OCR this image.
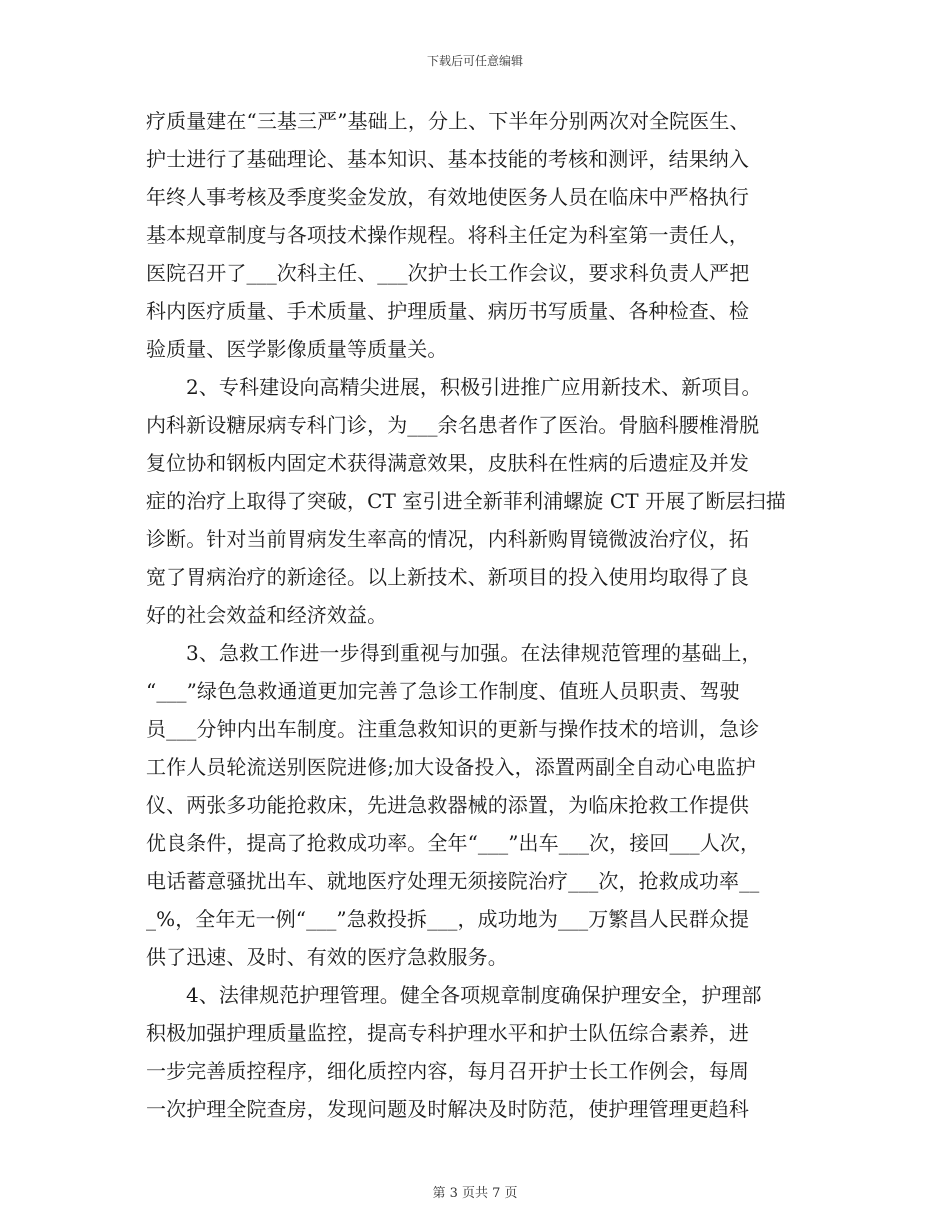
下载后可任意编辑
疗质量建在“三基三严”基础上，分上、下半年分别两次对全院医生、
护士进行了基础理论、基本知识、基本技能的考核和测评，结果纳入
年终人事考核及季度奖金发放，有效地使医务人员在临床中严格执行
基本规章制度与各项技术操作规程。将科主任定为科室第一责任人，
医院召开了___次科主任、___次护士长工作会议，要求科负责人严把
科内医疗质量、手术质量、护理质量、病历书写质量、各种检查、检
验质量、医学影像质量等质量关。
2、专科建设向高精尖进展，积极引进推广应用新技术、新项目。
内科新设糖尿病专科门诊，为___余名患者作了医治。骨脑科腰椎滑脱
复位协和钢板内固定术获得满意效果，皮肤科在性病的后遗症及并发
症的治疗上取得了突破，CT 室引进全新菲利浦螺旋 CT 开展了断层扫描
诊断。针对当前胃病发生率高的情况，内科新购胃镜微波治疗仪，拓
宽了胃病治疗的新途径。以上新技术、新项目的投入使用均取得了良
好的社会效益和经济效益。
3、急救工作进一步得到重视与加强。在法律规范管理的基础上，
“___”绿色急救通道更加完善了急诊工作制度、值班人员职责、驾驶
员___分钟内出车制度。注重急救知识的更新与操作技术的培训，急诊
工作人员轮流送别医院进修;加大设备投入，添置两副全自动心电监护
仪、两张多功能抢救床，先进急救器械的添置，为临床抢救工作提供
优良条件，提高了抢救成功率。全年“___”出车___次，接回___人次，
电话蓄意骚扰出车、就地医疗处理无须接院治疗___次，抢救成功率__
_%，全年无一例“___”急救投拆___，成功地为___万繁昌人民群众提
供了迅速、及时、有效的医疗急救服务。
4、法律规范护理管理。健全各项规章制度确保护理安全，护理部
积极加强护理质量监控，提高专科护理水平和护士队伍综合素养，进
一步完善质控程序，细化质控内容，每月召开护士长工作例会，每周
一次护理全院查房，发现问题及时解决及时防范，使护理管理更趋科
第 3 页共 7 页
